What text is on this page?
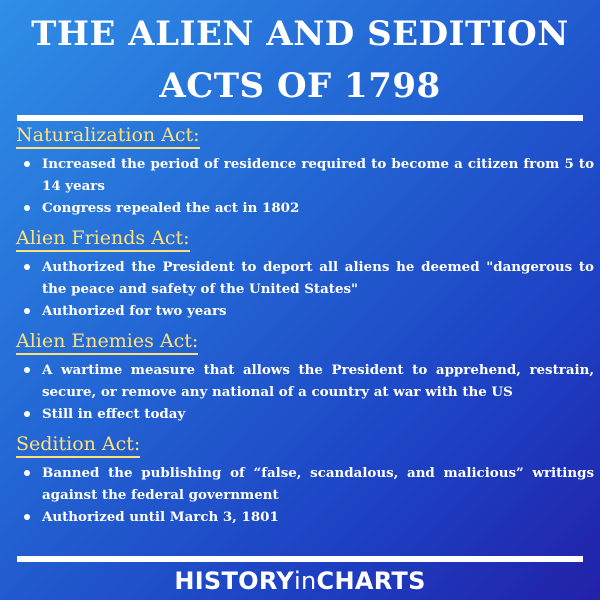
THE ALIEN AND SEDITION
ACTS OF 1798
Naturalization Act:
Increased the period of residence required to become a citizen from 5 to 14 years
Congress repealed the act in 1802
Alien Friends Act:
Authorized the President to deport all aliens he deemed "dangerous to the peace and safety of the United States"
Authorized for two years
Alien Enemies Act:
A wartime measure that allows the President to apprehend, restrain, secure, or remove any national of a country at war with the US
Still in effect today
Sedition Act:
Banned the publishing of “false, scandalous, and malicious” writings against the federal government
Authorized until March 3, 1801
HISTORYinCHARTS
